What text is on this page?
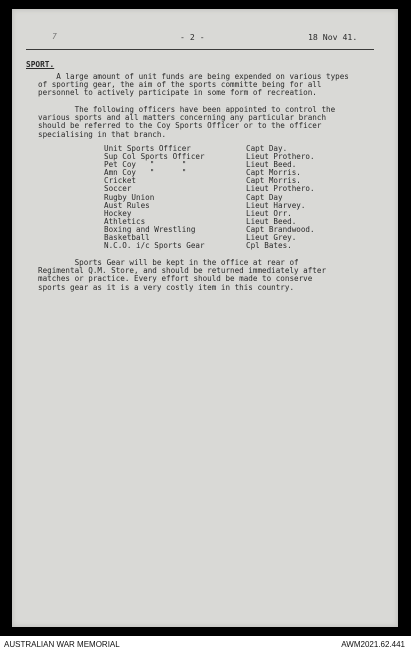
7	- 2 -	18 Nov 41.
SPORT.
A large amount of unit funds are being expended on various types
of sporting gear, the aim of the sports committe being for all
personnel to actively participate in some form of recreation.
The following officers have been appointed to control the
various sports and all matters concerning any particular branch
should be referred to the Coy Sports Officer or to the officer
specialising in that branch.
Unit Sports Officer	Capt Day.
Sup Col Sports Officer	Lieut Prothero.
Pet Coy   "      "	Lieut Beed.
Amn Coy   "      "	Capt Morris.
Cricket	Capt Morris.
Soccer	Lieut Prothero.
Rugby Union	Capt Day
Aust Rules	Lieut Harvey.
Hockey	Lieut Orr.
Athletics	Lieut Beed.
Boxing and Wrestling	Capt Brandwood.
Basketball	Lieut Grey.
N.C.O. i/c Sports Gear	Cpl Bates.
Sports Gear will be kept in the office at rear of
Regimental Q.M. Store, and should be returned immediately after
matches or practice. Every effort should be made to conserve
sports gear as it is a very costly item in this country.
AUSTRALIAN WAR MEMORIAL	AWM2021.62.441
